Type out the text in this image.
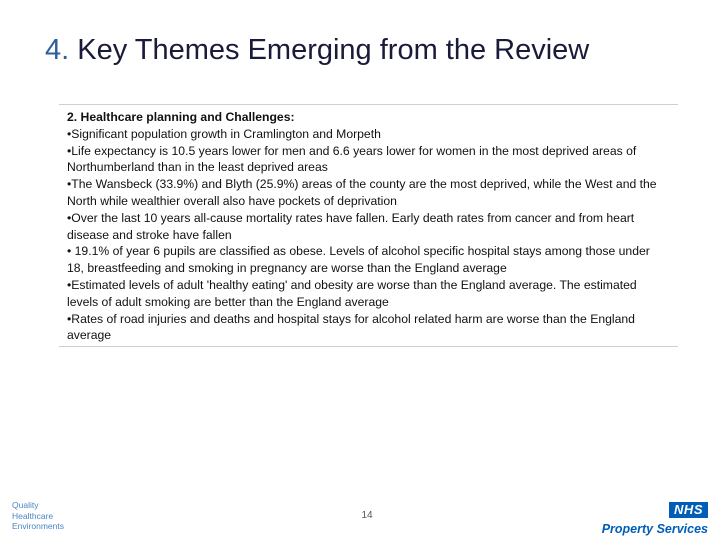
4. Key Themes Emerging from the Review

2. Healthcare planning and Challenges:

•Significant population growth in Cramlington and Morpeth
•Life expectancy is 10.5 years lower for men and 6.6 years lower for women in the most deprived areas of Northumberland than in the least deprived areas
•The Wansbeck (33.9%) and Blyth (25.9%) areas of the county are the most deprived, while the West and the North while wealthier overall also have pockets of deprivation
•Over the last 10 years all-cause mortality rates have fallen. Early death rates from cancer and from heart disease and stroke have fallen
• 19.1% of year 6 pupils are classified as obese. Levels of alcohol specific hospital stays among those under 18, breastfeeding and smoking in pregnancy are worse than the England average
•Estimated levels of adult 'healthy eating' and obesity are worse than the England average. The estimated levels of adult smoking are better than the England average
•Rates of road injuries and deaths and hospital stays for alcohol related harm are worse than the England average
Quality
Healthcare
Environments
14	NHS
Property Services
